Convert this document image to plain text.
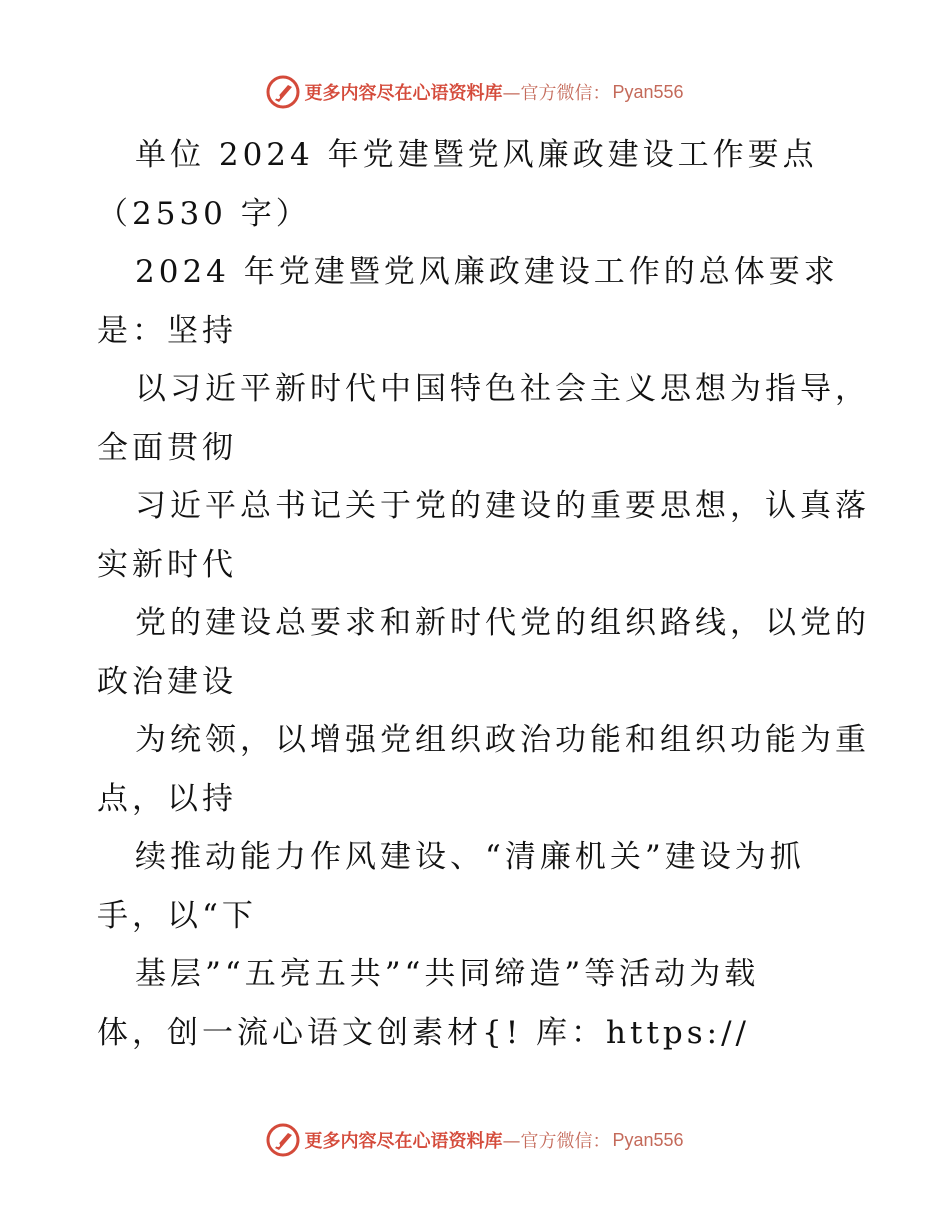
更多内容尽在心语资料库 —官方微信： Pyan556
单位 2024 年党建暨党风廉政建设工作要点
（2530 字）
2024 年党建暨党风廉政建设工作的总体要求
是：坚持
以习近平新时代中国特色社会主义思想为指导，
全面贯彻
习近平总书记关于党的建设的重要思想，认真落
实新时代
党的建设总要求和新时代党的组织路线，以党的
政治建设
为统领，以增强党组织政治功能和组织功能为重
点，以持
续推动能力作风建设、“清廉机关”建设为抓
手，以“下
基层”“五亮五共”“共同缔造”等活动为载
体，创一流心语文创素材{! 库：https://
更多内容尽在心语资料库 —官方微信： Pyan556
